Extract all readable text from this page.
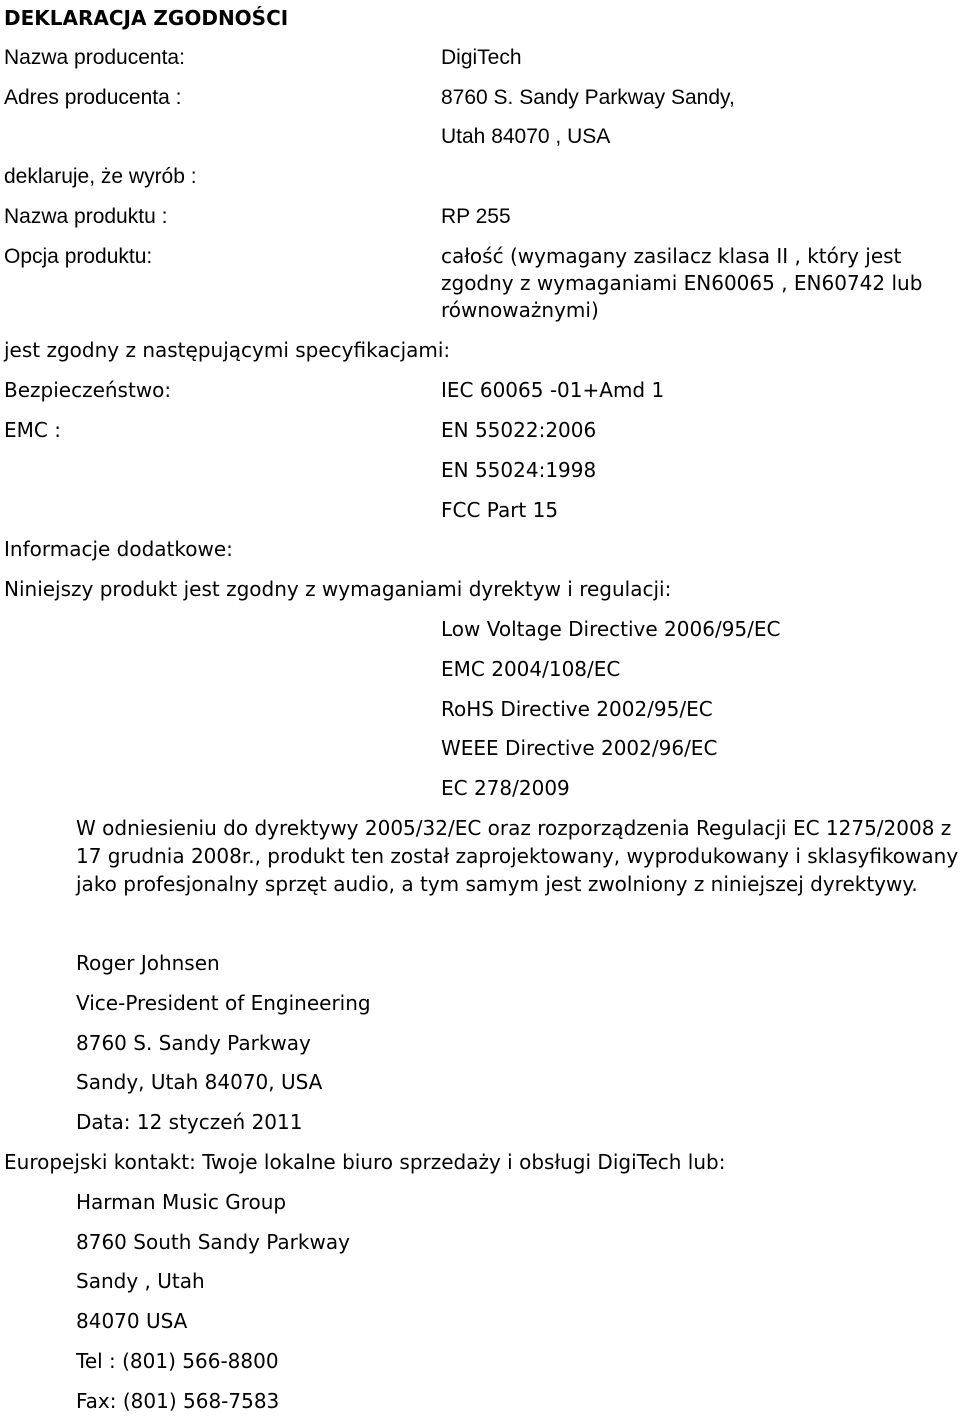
DEKLARACJA ZGODNOŚCI
Nazwa producenta:	DigiTech
Adres producenta :	8760 S. Sandy Parkway Sandy,
Utah 84070 , USA
deklaruje, że wyrób :
Nazwa produktu :	RP 255
Opcja produktu:	całość (wymagany zasilacz klasa II , który jest
zgodny z wymaganiami EN60065 , EN60742 lub
równoważnymi)
jest zgodny z następującymi specyfikacjami:
Bezpieczeństwo:	IEC 60065 -01+Amd 1
EMC :	EN 55022:2006
EN 55024:1998
FCC Part 15
Informacje dodatkowe:
Niniejszy produkt jest zgodny z wymaganiami dyrektyw i regulacji:
Low Voltage Directive 2006/95/EC
EMC 2004/108/EC
RoHS Directive 2002/95/EC
WEEE Directive 2002/96/EC
EC 278/2009
W odniesieniu do dyrektywy 2005/32/EC oraz rozporządzenia Regulacji EC 1275/2008 z
17 grudnia 2008r., produkt ten został zaprojektowany, wyprodukowany i sklasyfikowany
jako profesjonalny sprzęt audio, a tym samym jest zwolniony z niniejszej dyrektywy.
Roger Johnsen
Vice-President of Engineering
8760 S. Sandy Parkway
Sandy, Utah 84070, USA
Data: 12 styczeń 2011
Europejski kontakt: Twoje lokalne biuro sprzedaży i obsługi DigiTech lub:
Harman Music Group
8760 South Sandy Parkway
Sandy , Utah
84070 USA
Tel : (801) 566-8800
Fax: (801) 568-7583
